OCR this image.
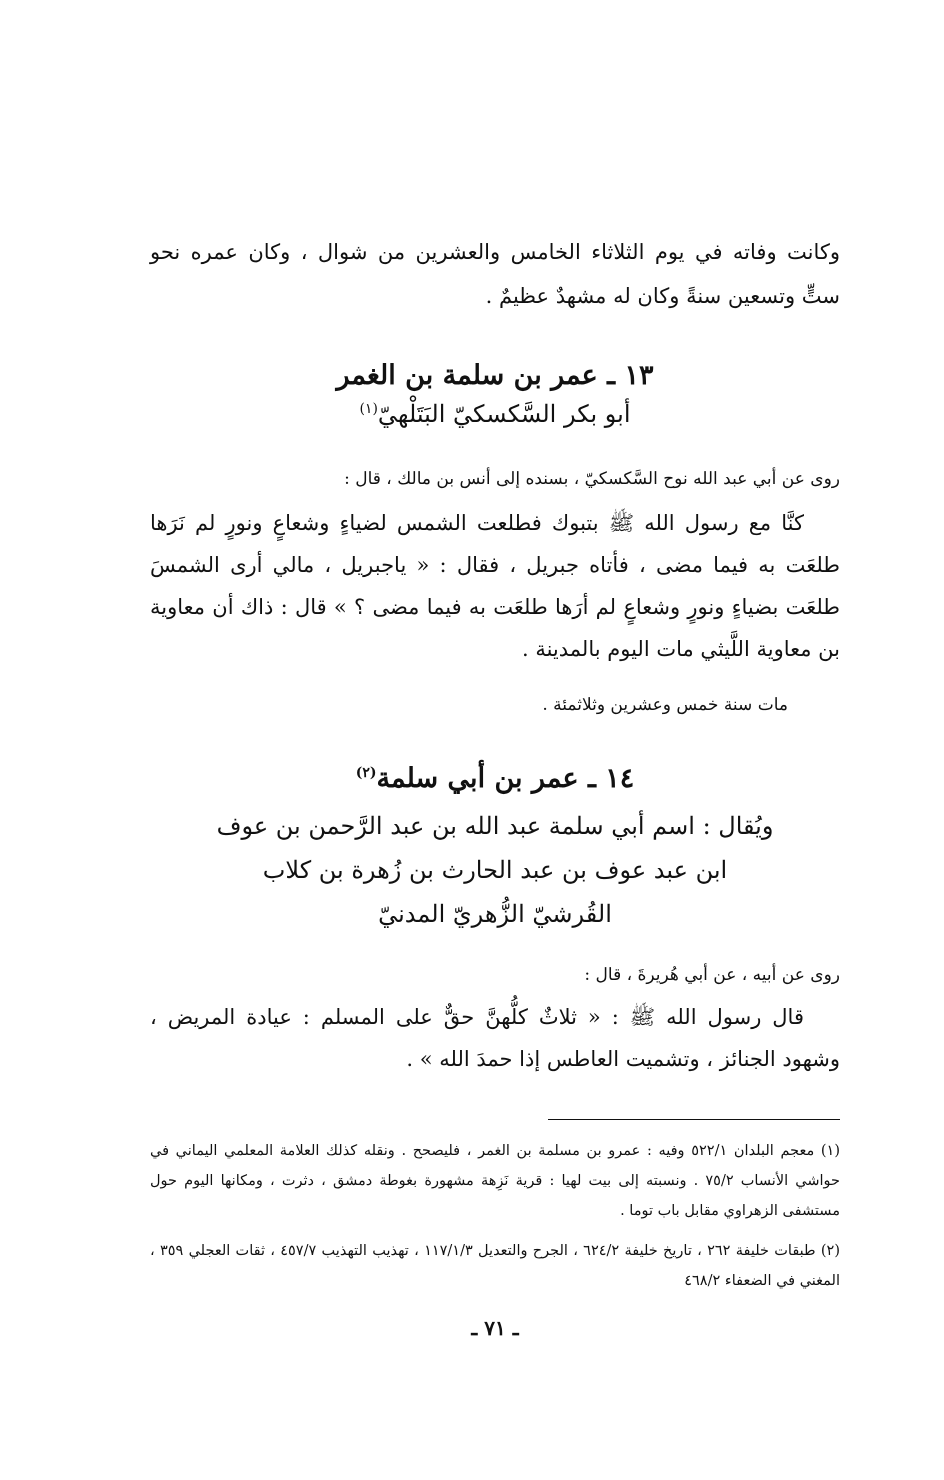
وكانت وفاته في يوم الثلاثاء الخامس والعشرين من شوال ، وكان عمره نحو ستٍّ وتسعين سنةً وكان له مشهدٌ عظيمٌ .

١٣ ـ عمر بن سلمة بن الغمر
أبو بكر السَّكسكيّ البَتَلْهيّ$^{(١)}$

روى عن أبي عبد الله نوح السَّكسكيّ ، بسنده إلى أنس بن مالك ، قال :

كنَّا مع رسول الله ﷺ بتبوك فطلعت الشمس لضياءٍ وشعاعٍ ونورٍ لم نَرَها طلعَت به فيما مضى ، فأتاه جبريل ، فقال : « ياجبريل ، مالي أرى الشمسَ طلعَت بضياءٍ ونورٍ وشعاعٍ لم أرَها طلعَت به فيما مضى ؟ » قال : ذاك أن معاوية بن معاوية اللَّيثي مات اليوم بالمدينة .

مات سنة خمس وعشرين وثلاثمئة .

١٤ ـ عمر بن أبي سلمة$^{(٢)}$
ويُقال : اسم أبي سلمة عبد الله بن عبد الرَّحمن بن عوف
ابن عبد عوف بن عبد الحارث بن زُهرة بن كلاب
القُرشيّ الزُّهريّ المدنيّ

روى عن أبيه ، عن أبي هُريرةَ ، قال :

قال رسول الله ﷺ : « ثلاثٌ كلُّهنَّ حقٌّ على المسلم : عيادة المريض ، وشهود الجنائز ، وتشميت العاطس إذا حمدَ الله » .

(١) معجم البلدان ٥٢٢/١ وفيه : عمرو بن مسلمة بن الغمر ، فليصحح . ونقله كذلك العلامة المعلمي اليماني في حواشي الأنساب ٧٥/٢ . ونسبته إلى بيت لهيا : قرية نَزِهة مشهورة بغوطة دمشق ، دثرت ، ومكانها اليوم حول مستشفى الزهراوي مقابل باب توما .

(٢) طبقات خليفة ٢٦٢ ، تاريخ خليفة ٦٢٤/٢ ، الجرح والتعديل ١١٧/١/٣ ، تهذيب التهذيب ٤٥٧/٧ ، ثقات العجلي ٣٥٩ ، المغني في الضعفاء ٤٦٨/٢

ـ ٧١ ـ
